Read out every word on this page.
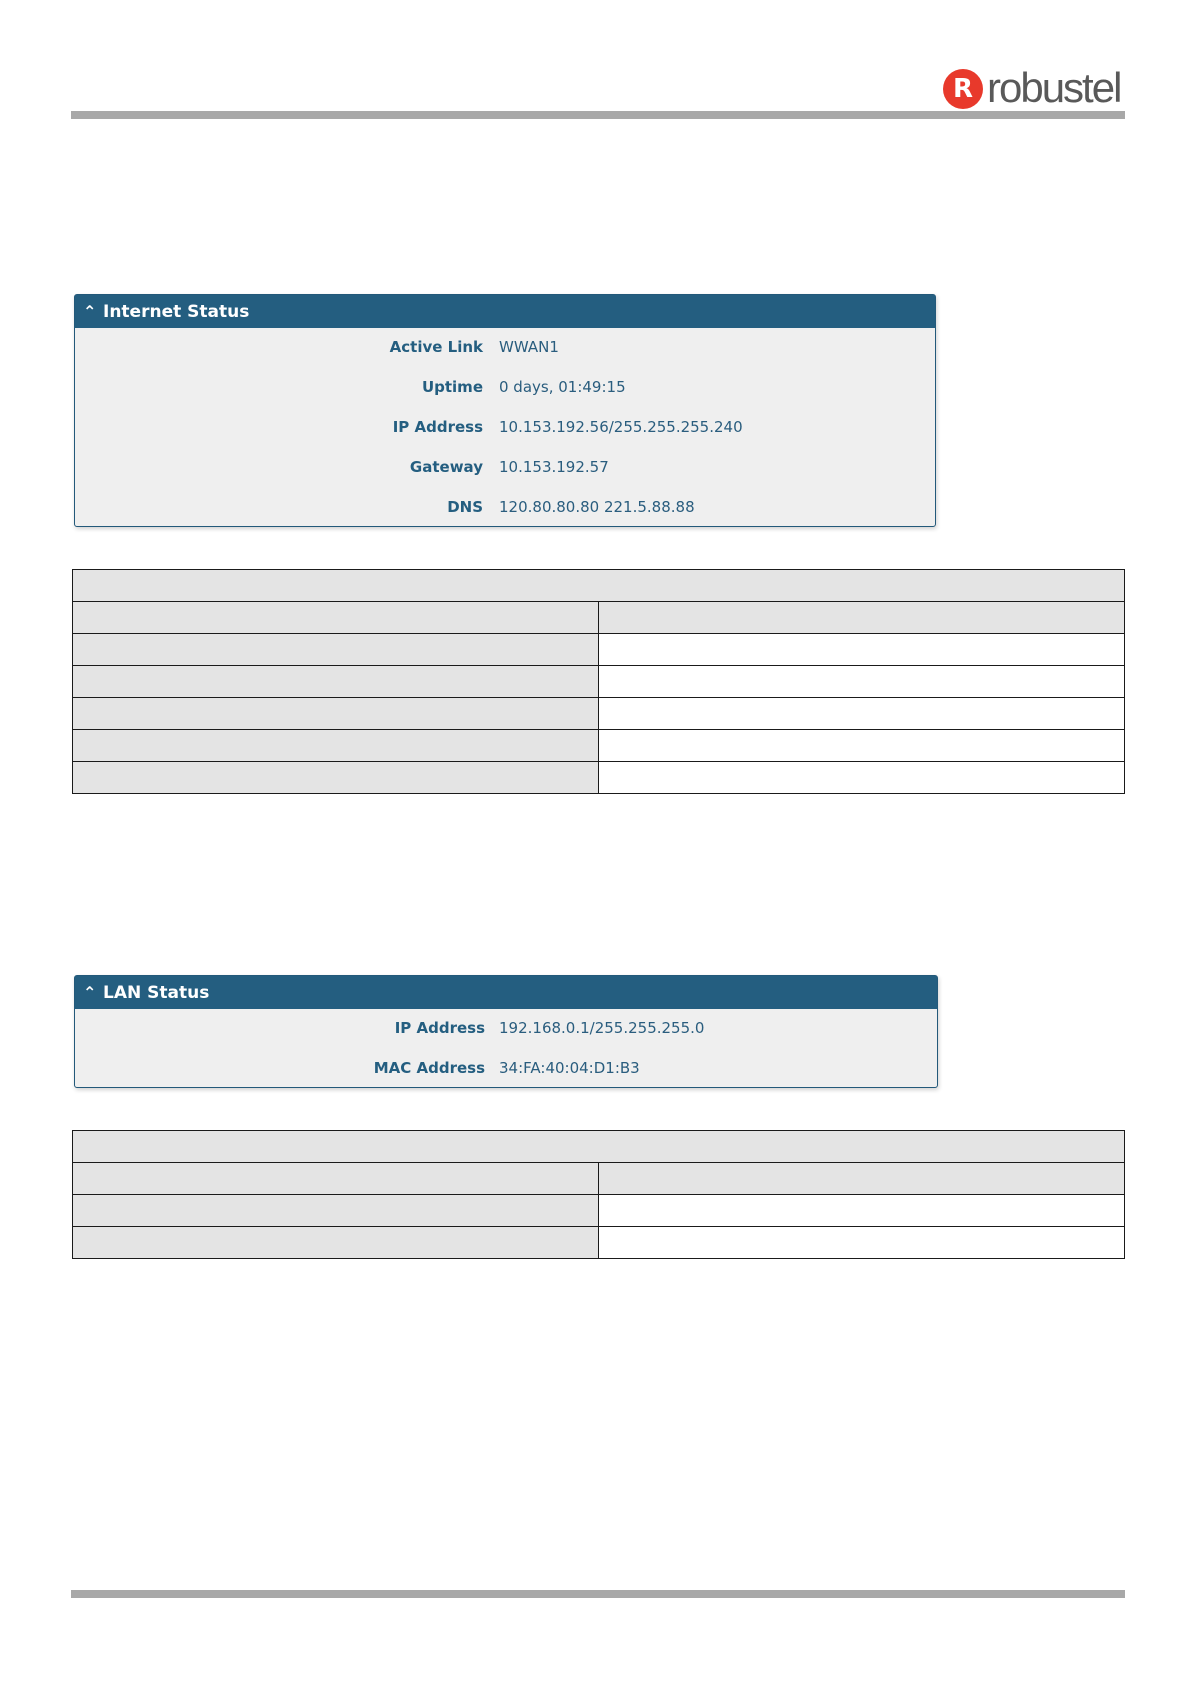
R robustel
⌃ Internet Status
Active Link WWAN1
Uptime 0 days, 01:49:15
IP Address 10.153.192.56/255.255.255.240
Gateway 10.153.192.57
DNS 120.80.80.80 221.5.88.88

⌃ LAN Status
IP Address 192.168.0.1/255.255.255.0
MAC Address 34:FA:40:04:D1:B3
